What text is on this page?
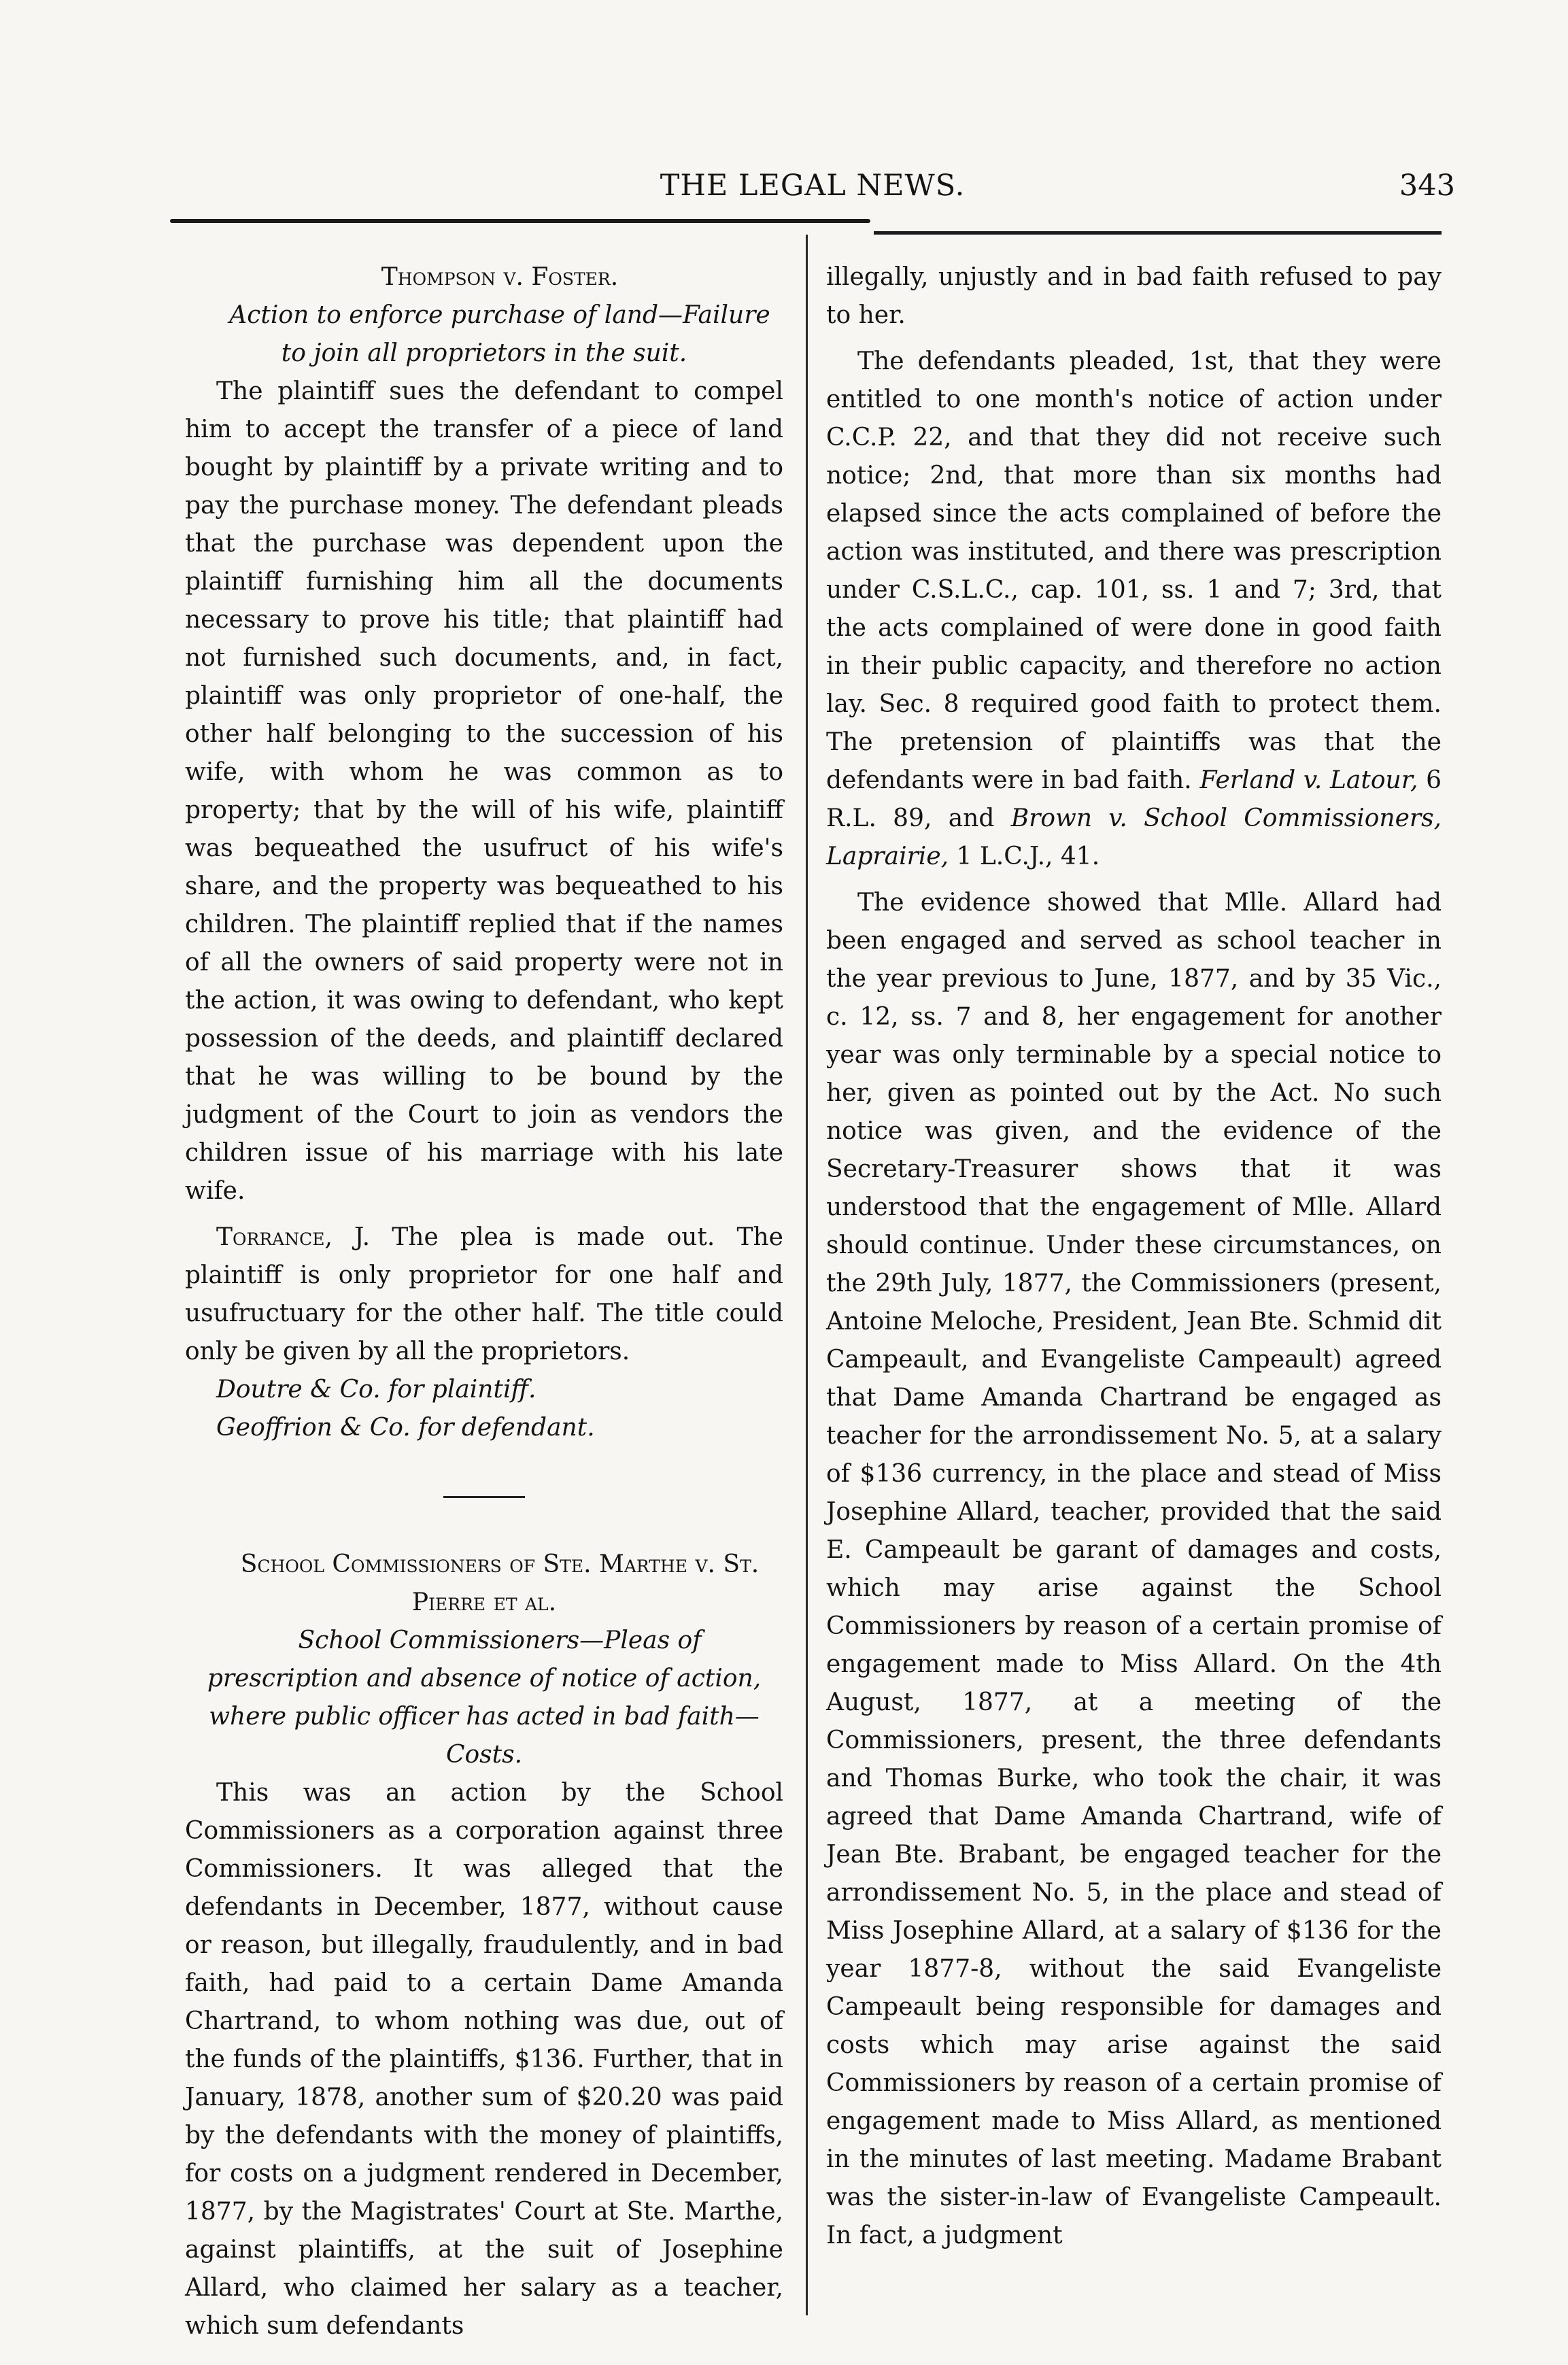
THE LEGAL NEWS.	343

Thompson v. Foster.

Action to enforce purchase of land—Failure to join all proprietors in the suit.

The plaintiff sues the defendant to compel him to accept the transfer of a piece of land bought by plaintiff by a private writing and to pay the purchase money. The defendant pleads that the purchase was dependent upon the plaintiff furnishing him all the documents necessary to prove his title; that plaintiff had not furnished such documents, and, in fact, plaintiff was only proprietor of one-half, the other half belonging to the succession of his wife, with whom he was common as to property; that by the will of his wife, plaintiff was bequeathed the usufruct of his wife's share, and the property was bequeathed to his children. The plaintiff replied that if the names of all the owners of said property were not in the action, it was owing to defendant, who kept possession of the deeds, and plaintiff declared that he was willing to be bound by the judgment of the Court to join as vendors the children issue of his marriage with his late wife.

Torrance, J. The plea is made out. The plaintiff is only proprietor for one half and usufructuary for the other half. The title could only be given by all the proprietors.

Doutre & Co. for plaintiff.

Geoffrion & Co. for defendant.

School Commissioners of Ste. Marthe v. St. Pierre et al.

School Commissioners—Pleas of prescription and absence of notice of action, where public officer has acted in bad faith—Costs.

This was an action by the School Commissioners as a corporation against three Commissioners. It was alleged that the defendants in December, 1877, without cause or reason, but illegally, fraudulently, and in bad faith, had paid to a certain Dame Amanda Chartrand, to whom nothing was due, out of the funds of the plaintiffs, $136. Further, that in January, 1878, another sum of $20.20 was paid by the defendants with the money of plaintiffs, for costs on a judgment rendered in December, 1877, by the Magistrates' Court at Ste. Marthe, against plaintiffs, at the suit of Josephine Allard, who claimed her salary as a teacher, which sum defendants

illegally, unjustly and in bad faith refused to pay to her.

The defendants pleaded, 1st, that they were entitled to one month's notice of action under C.C.P. 22, and that they did not receive such notice; 2nd, that more than six months had elapsed since the acts complained of before the action was instituted, and there was prescription under C.S.L.C., cap. 101, ss. 1 and 7; 3rd, that the acts complained of were done in good faith in their public capacity, and therefore no action lay. Sec. 8 required good faith to protect them. The pretension of plaintiffs was that the defendants were in bad faith. Ferland v. Latour, 6 R.L. 89, and Brown v. School Commissioners, Laprairie, 1 L.C.J., 41.

The evidence showed that Mlle. Allard had been engaged and served as school teacher in the year previous to June, 1877, and by 35 Vic., c. 12, ss. 7 and 8, her engagement for another year was only terminable by a special notice to her, given as pointed out by the Act. No such notice was given, and the evidence of the Secretary-Treasurer shows that it was understood that the engagement of Mlle. Allard should continue. Under these circumstances, on the 29th July, 1877, the Commissioners (present, Antoine Meloche, President, Jean Bte. Schmid dit Campeault, and Evangeliste Campeault) agreed that Dame Amanda Chartrand be engaged as teacher for the arrondissement No. 5, at a salary of $136 currency, in the place and stead of Miss Josephine Allard, teacher, provided that the said E. Campeault be garant of damages and costs, which may arise against the School Commissioners by reason of a certain promise of engagement made to Miss Allard. On the 4th August, 1877, at a meeting of the Commissioners, present, the three defendants and Thomas Burke, who took the chair, it was agreed that Dame Amanda Chartrand, wife of Jean Bte. Brabant, be engaged teacher for the arrondissement No. 5, in the place and stead of Miss Josephine Allard, at a salary of $136 for the year 1877-8, without the said Evangeliste Campeault being responsible for damages and costs which may arise against the said Commissioners by reason of a certain promise of engagement made to Miss Allard, as mentioned in the minutes of last meeting. Madame Brabant was the sister-in-law of Evangeliste Campeault. In fact, a judgment
